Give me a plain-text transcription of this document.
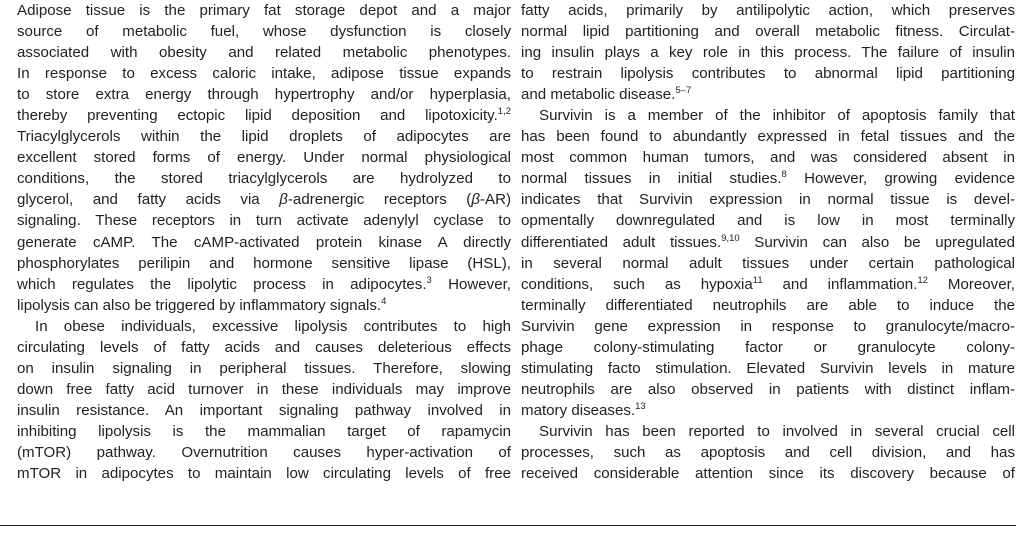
Adipose tissue is the primary fat storage depot and a major
source of metabolic fuel, whose dysfunction is closely
associated with obesity and related metabolic phenotypes.
In response to excess caloric intake, adipose tissue expands
to store extra energy through hypertrophy and/or hyperplasia,
thereby preventing ectopic lipid deposition and lipotoxicity.$^{1,2}$
Triacylglycerols within the lipid droplets of adipocytes are
excellent stored forms of energy. Under normal physiological
conditions, the stored triacylglycerols are hydrolyzed to
glycerol, and fatty acids via β-adrenergic receptors (β-AR)
signaling. These receptors in turn activate adenylyl cyclase to
generate cAMP. The cAMP-activated protein kinase A directly
phosphorylates perilipin and hormone sensitive lipase (HSL),
which regulates the lipolytic process in adipocytes.$^3$ However,
lipolysis can also be triggered by inflammatory signals.$^4$
In obese individuals, excessive lipolysis contributes to high
circulating levels of fatty acids and causes deleterious effects
on insulin signaling in peripheral tissues. Therefore, slowing
down free fatty acid turnover in these individuals may improve
insulin resistance. An important signaling pathway involved in
inhibiting lipolysis is the mammalian target of rapamycin
(mTOR) pathway. Overnutrition causes hyper-activation of
mTOR in adipocytes to maintain low circulating levels of free
fatty acids, primarily by antilipolytic action, which preserves
normal lipid partitioning and overall metabolic fitness. Circulat-
ing insulin plays a key role in this process. The failure of insulin
to restrain lipolysis contributes to abnormal lipid partitioning
and metabolic disease.$^{5-7}$
Survivin is a member of the inhibitor of apoptosis family that
has been found to abundantly expressed in fetal tissues and the
most common human tumors, and was considered absent in
normal tissues in initial studies.$^8$ However, growing evidence
indicates that Survivin expression in normal tissue is devel-
opmentally downregulated and is low in most terminally
differentiated adult tissues.$^{9,10}$ Survivin can also be upregulated
in several normal adult tissues under certain pathological
conditions, such as hypoxia$^{11}$ and inflammation.$^{12}$ Moreover,
terminally differentiated neutrophils are able to induce the
Survivin gene expression in response to granulocyte/macro-
phage colony-stimulating factor or granulocyte colony-
stimulating facto stimulation. Elevated Survivin levels in mature
neutrophils are also observed in patients with distinct inflam-
matory diseases.$^{13}$
Survivin has been reported to involved in several crucial cell
processes, such as apoptosis and cell division, and has
received considerable attention since its discovery because of
